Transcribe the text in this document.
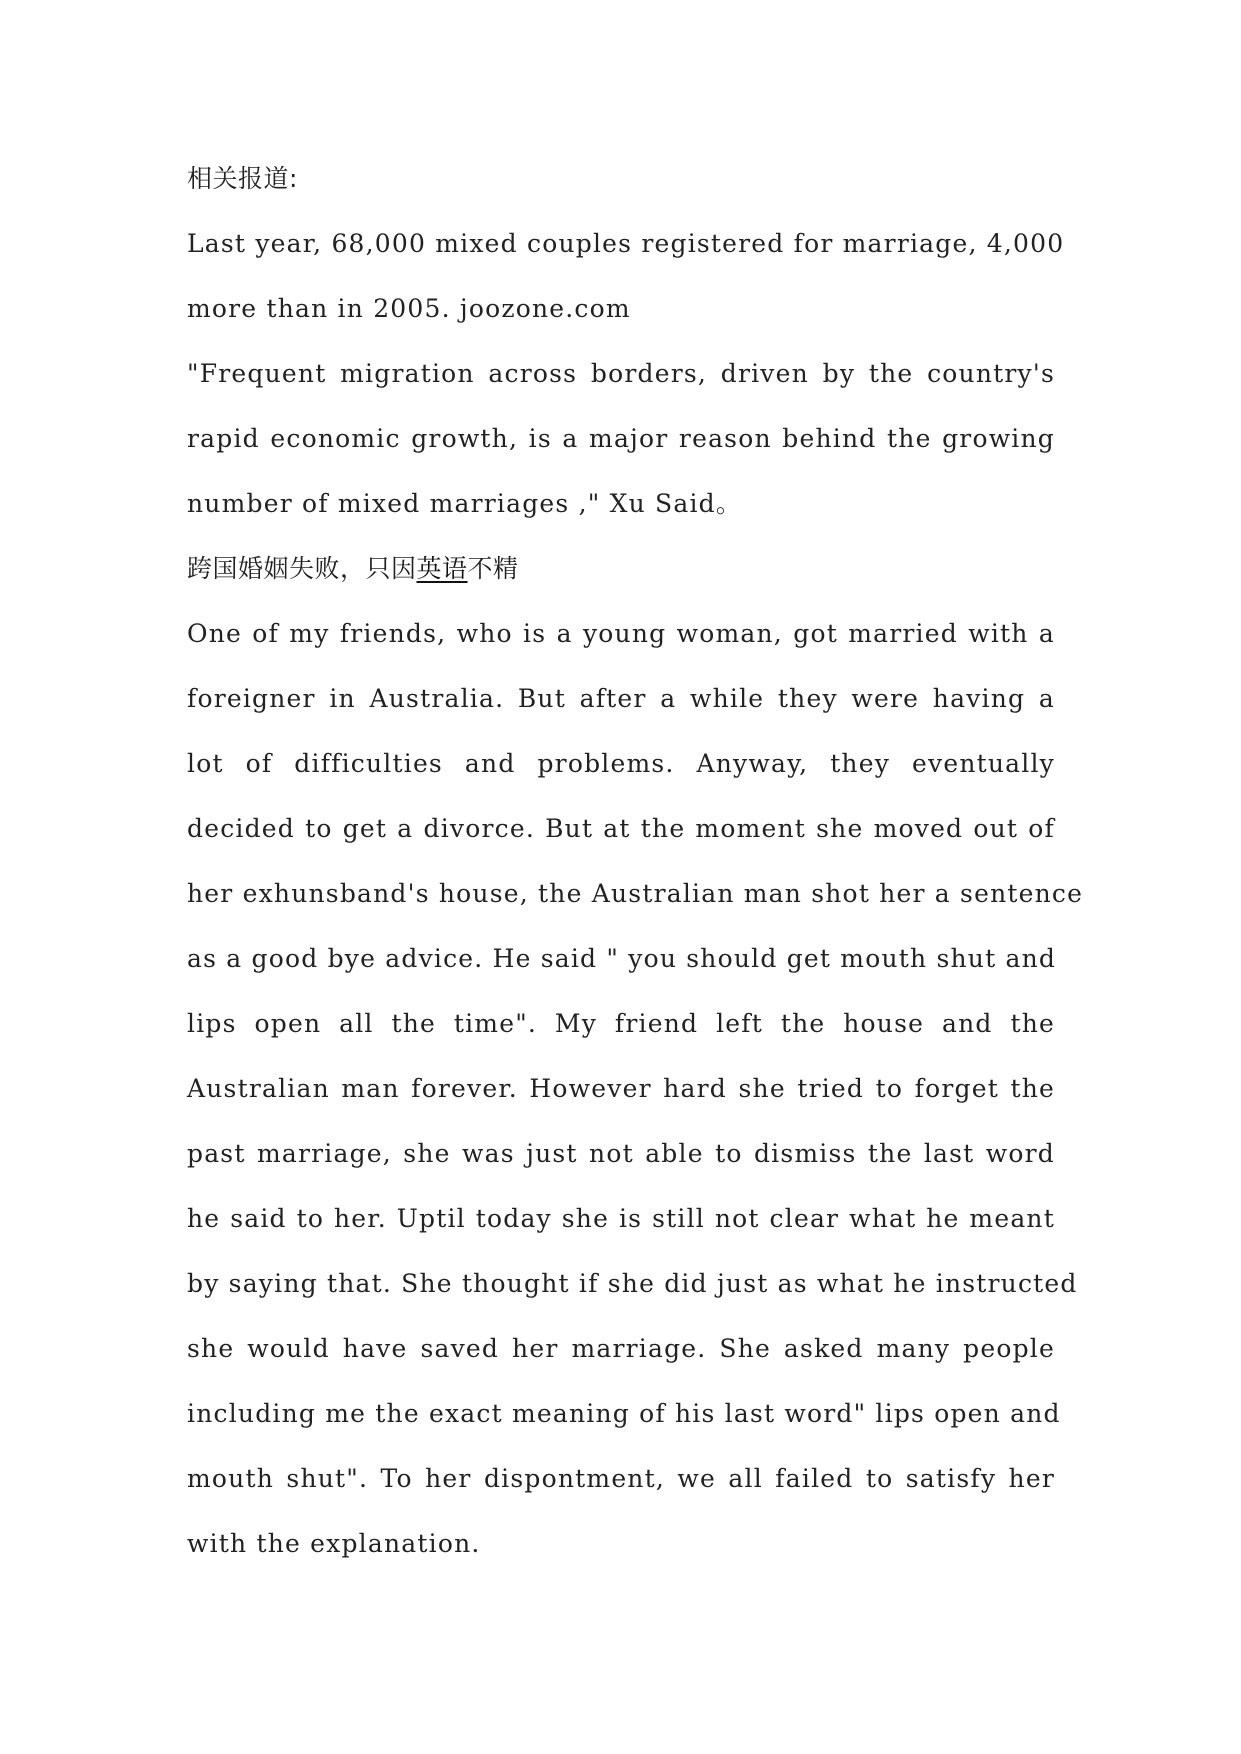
相关报道:
Last year, 68,000 mixed couples registered for marriage, 4,000
more than in 2005. joozone.com
"Frequent migration across borders, driven by the country's
rapid economic growth, is a major reason behind the growing
number of mixed marriages ," Xu Said。
跨国婚姻失败，只因英语不精
One of my friends, who is a young woman, got married with a
foreigner in Australia. But after a while they were having a
lot of difficulties and problems. Anyway, they eventually
decided to get a divorce. But at the moment she moved out of
her exhunsband's house, the Australian man shot her a sentence
as a good bye advice. He said " you should get mouth shut and
lips open all the time". My friend left the house and the
Australian man forever. However hard she tried to forget the
past marriage, she was just not able to dismiss the last word
he said to her. Uptil today she is still not clear what he meant
by saying that. She thought if she did just as what he instructed
she would have saved her marriage. She asked many people
including me the exact meaning of his last word" lips open and
mouth shut". To her dispontment, we all failed to satisfy her
with the explanation.
